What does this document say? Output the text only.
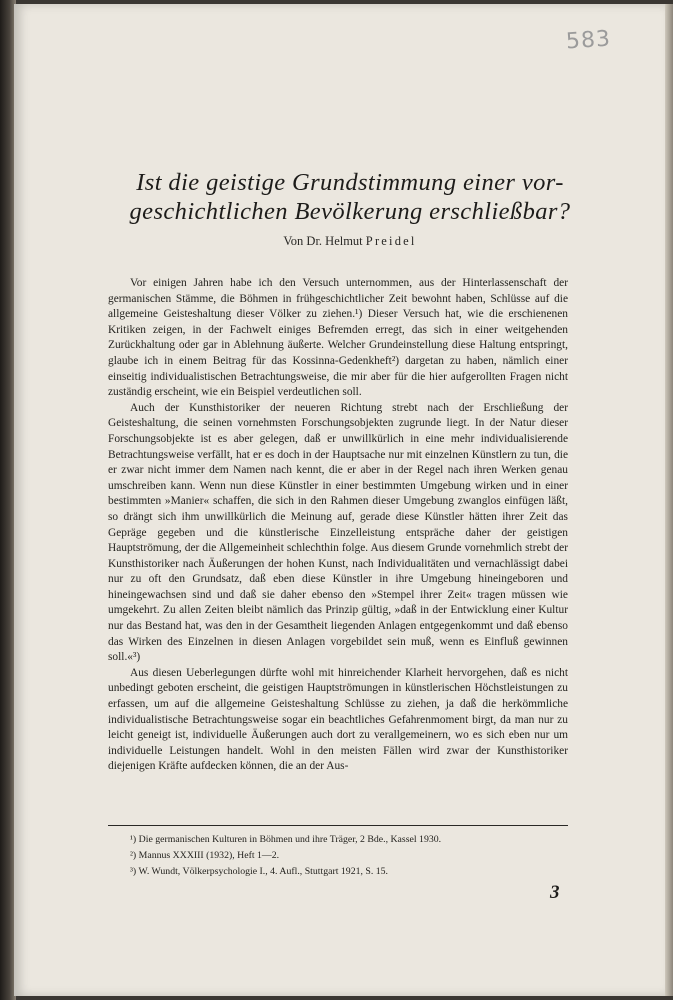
583
Ist die geistige Grundstimmung einer vor-
geschichtlichen Bevölkerung erschließbar?
Von Dr. Helmut Preidel

Vor einigen Jahren habe ich den Versuch unternommen, aus der Hinterlassenschaft der germanischen Stämme, die Böhmen in frühgeschichtlicher Zeit bewohnt haben, Schlüsse auf die allgemeine Geisteshaltung dieser Völker zu ziehen.¹) Dieser Versuch hat, wie die erschienenen Kritiken zeigen, in der Fachwelt einiges Befremden erregt, das sich in einer weitgehenden Zurückhaltung oder gar in Ablehnung äußerte. Welcher Grundeinstellung diese Haltung entspringt, glaube ich in einem Beitrag für das Kossinna-Gedenkheft²) dargetan zu haben, nämlich einer einseitig individualistischen Betrachtungsweise, die mir aber für die hier aufgerollten Fragen nicht zuständig erscheint, wie ein Beispiel verdeutlichen soll.

Auch der Kunsthistoriker der neueren Richtung strebt nach der Erschließung der Geisteshaltung, die seinen vornehmsten Forschungsobjekten zugrunde liegt. In der Natur dieser Forschungsobjekte ist es aber gelegen, daß er unwillkürlich in eine mehr individualisierende Betrachtungsweise verfällt, hat er es doch in der Hauptsache nur mit einzelnen Künstlern zu tun, die er zwar nicht immer dem Namen nach kennt, die er aber in der Regel nach ihren Werken genau umschreiben kann. Wenn nun diese Künstler in einer bestimmten Umgebung wirken und in einer bestimmten »Manier« schaffen, die sich in den Rahmen dieser Umgebung zwanglos einfügen läßt, so drängt sich ihm unwillkürlich die Meinung auf, gerade diese Künstler hätten ihrer Zeit das Gepräge gegeben und die künstlerische Einzelleistung entspräche daher der geistigen Hauptströmung, der die Allgemeinheit schlechthin folge. Aus diesem Grunde vornehmlich strebt der Kunsthistoriker nach Äußerungen der hohen Kunst, nach Individualitäten und vernachlässigt dabei nur zu oft den Grundsatz, daß eben diese Künstler in ihre Umgebung hineingeboren und hineingewachsen sind und daß sie daher ebenso den »Stempel ihrer Zeit« tragen müssen wie umgekehrt. Zu allen Zeiten bleibt nämlich das Prinzip gültig, »daß in der Entwicklung einer Kultur nur das Bestand hat, was den in der Gesamtheit liegenden Anlagen entgegenkommt und daß ebenso das Wirken des Einzelnen in diesen Anlagen vorgebildet sein muß, wenn es Einfluß gewinnen soll.«³)

Aus diesen Ueberlegungen dürfte wohl mit hinreichender Klarheit hervorgehen, daß es nicht unbedingt geboten erscheint, die geistigen Hauptströmungen in künstlerischen Höchstleistungen zu erfassen, um auf die allgemeine Geisteshaltung Schlüsse zu ziehen, ja daß die herkömmliche individualistische Betrachtungsweise sogar ein beachtliches Gefahrenmoment birgt, da man nur zu leicht geneigt ist, individuelle Äußerungen auch dort zu verallgemeinern, wo es sich eben nur um individuelle Leistungen handelt. Wohl in den meisten Fällen wird zwar der Kunsthistoriker diejenigen Kräfte aufdecken können, die an der Aus-

¹) Die germanischen Kulturen in Böhmen und ihre Träger, 2 Bde., Kassel 1930.
²) Mannus XXXIII (1932), Heft 1—2.
³) W. Wundt, Völkerpsychologie I., 4. Aufl., Stuttgart 1921, S. 15.
3
